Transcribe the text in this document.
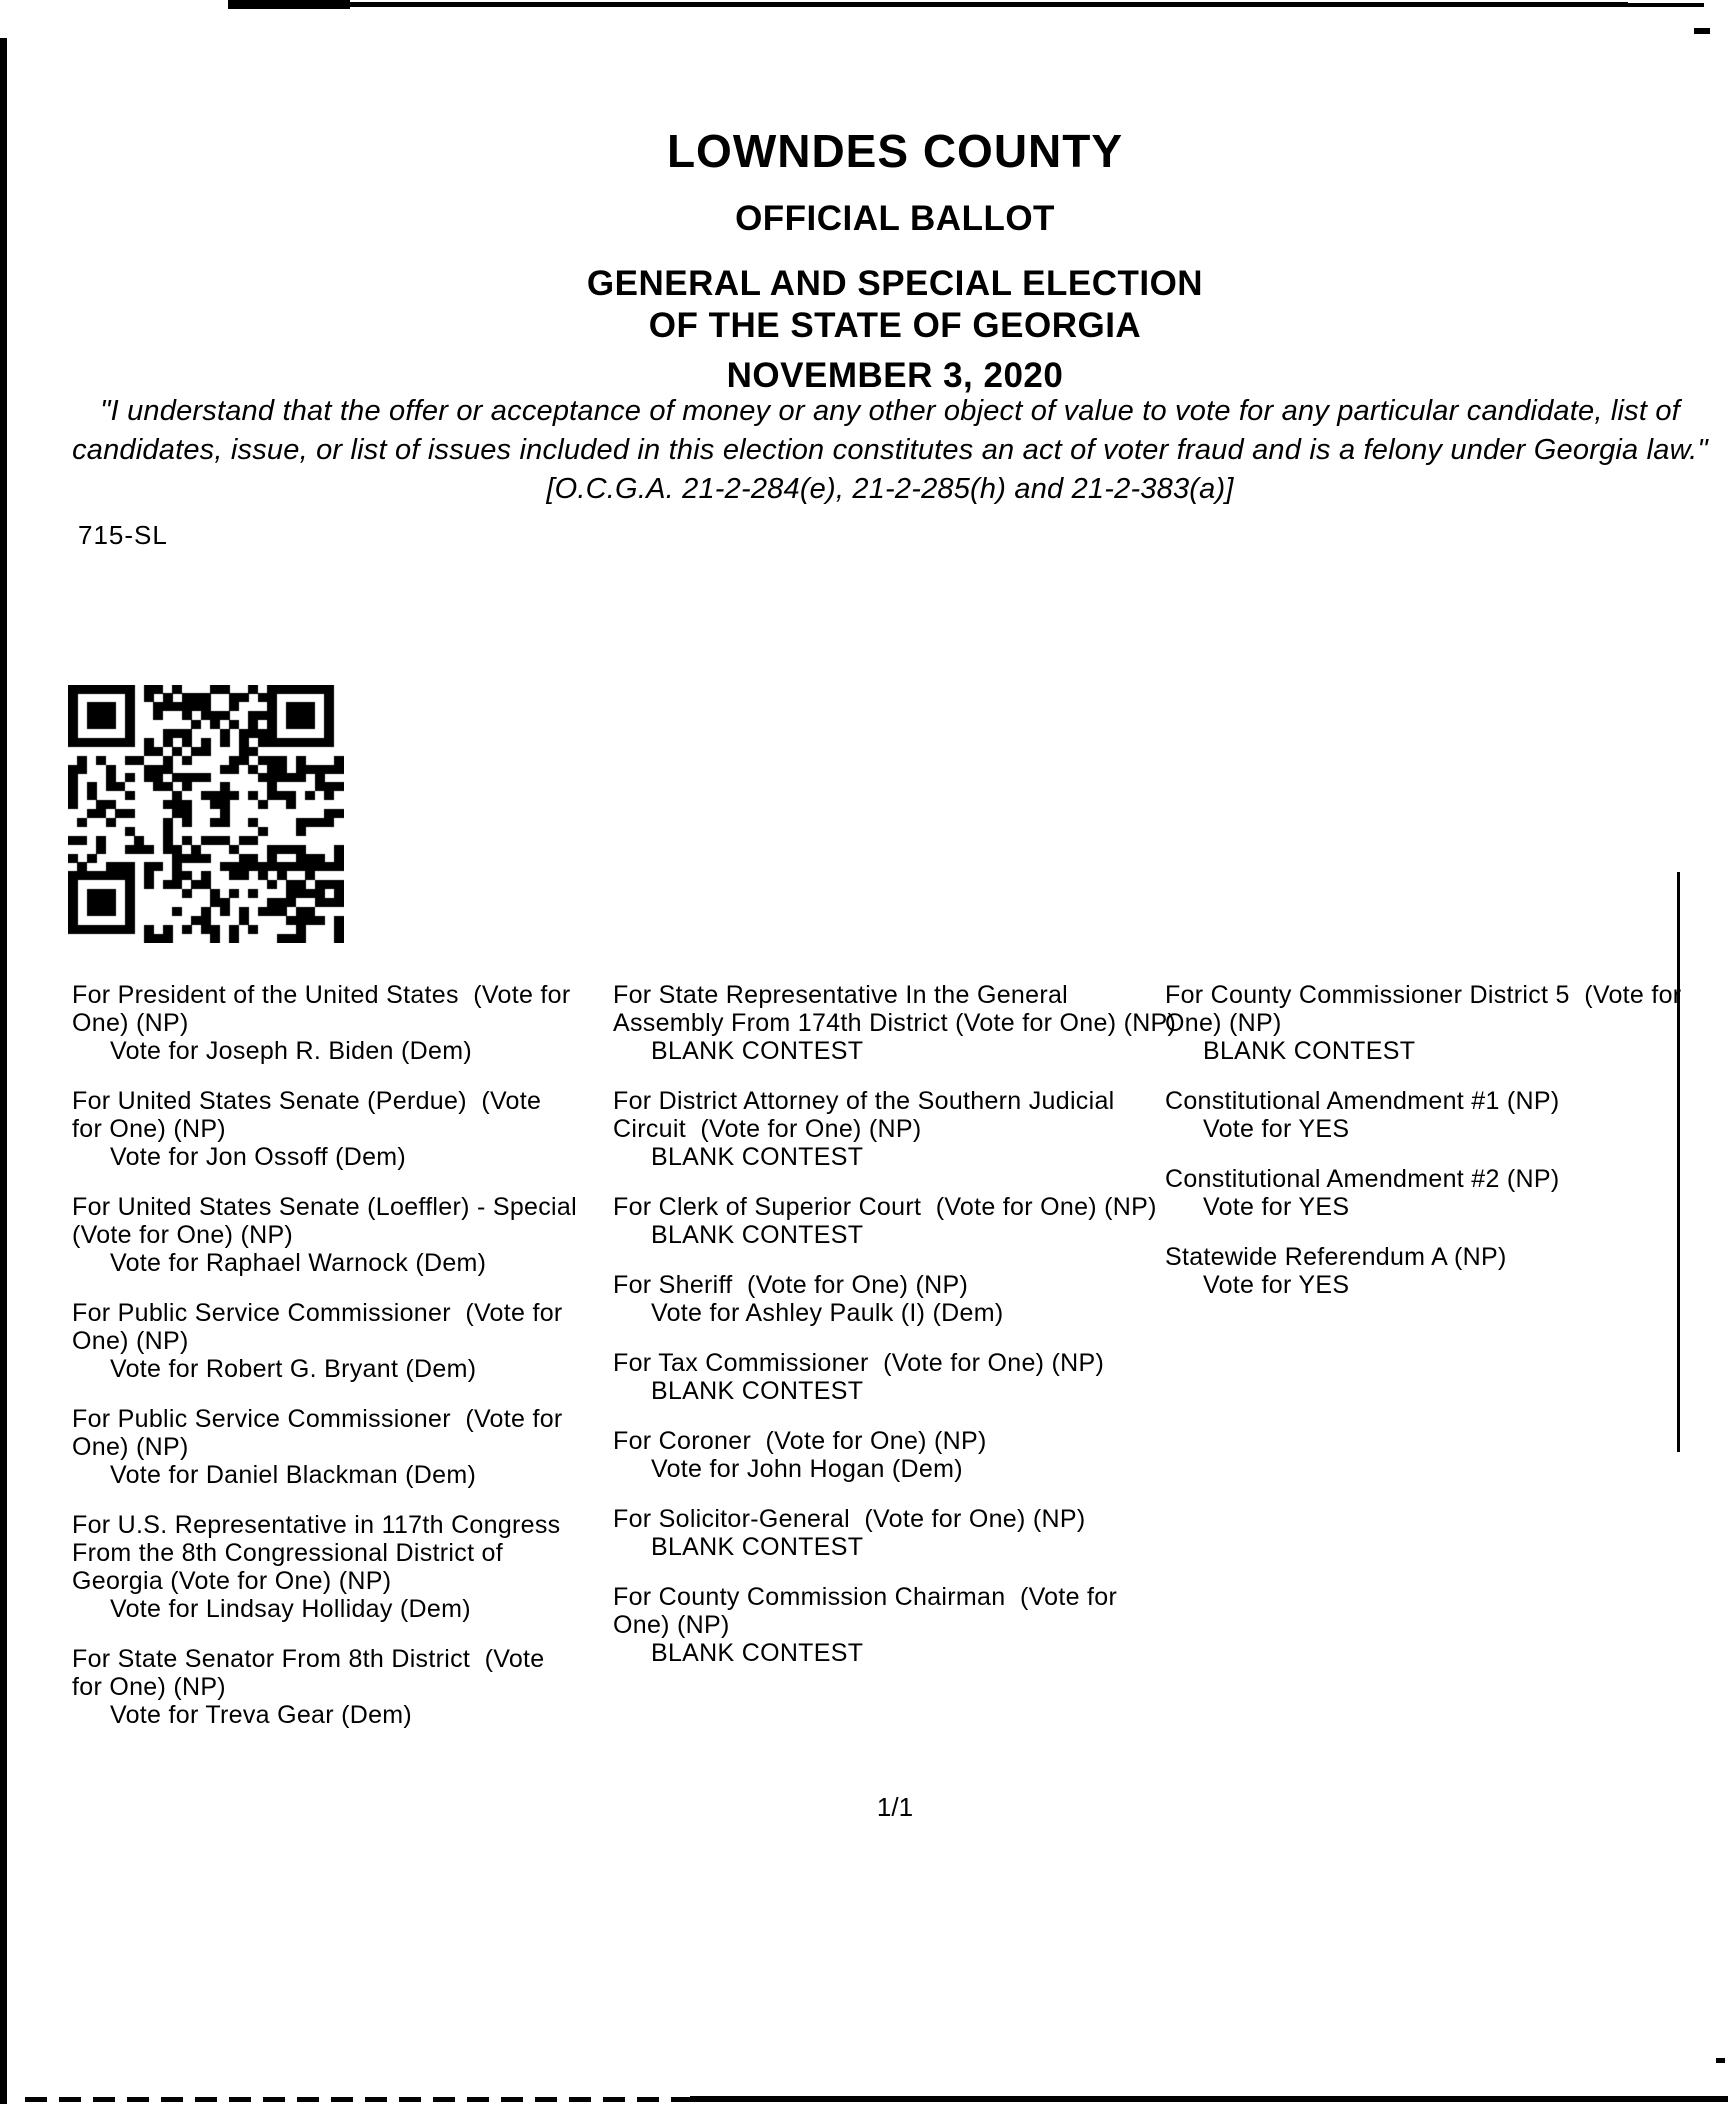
LOWNDES COUNTY
OFFICIAL BALLOT
GENERAL AND SPECIAL ELECTION
OF THE STATE OF GEORGIA
NOVEMBER 3, 2020
"I understand that the offer or acceptance of money or any other object of value to vote for any particular candidate, list of candidates, issue, or list of issues included in this election constitutes an act of voter fraud and is a felony under Georgia law." [O.C.G.A. 21-2-284(e), 21-2-285(h) and 21-2-383(a)]
715-SL
For President of the United States  (Vote for One) (NP)
Vote for Joseph R. Biden (Dem)
For United States Senate (Perdue)  (Vote for One) (NP)
Vote for Jon Ossoff (Dem)
For United States Senate (Loeffler) - Special  (Vote for One) (NP)
Vote for Raphael Warnock (Dem)
For Public Service Commissioner  (Vote for One) (NP)
Vote for Robert G. Bryant (Dem)
For Public Service Commissioner  (Vote for One) (NP)
Vote for Daniel Blackman (Dem)
For U.S. Representative in 117th Congress From the 8th Congressional District of Georgia (Vote for One) (NP)
Vote for Lindsay Holliday (Dem)
For State Senator From 8th District  (Vote for One) (NP)
Vote for Treva Gear (Dem)
For State Representative In the General Assembly From 174th District (Vote for One) (NP)
BLANK CONTEST
For District Attorney of the Southern Judicial Circuit  (Vote for One) (NP)
BLANK CONTEST
For Clerk of Superior Court  (Vote for One) (NP)
BLANK CONTEST
For Sheriff  (Vote for One) (NP)
Vote for Ashley Paulk (I) (Dem)
For Tax Commissioner  (Vote for One) (NP)
BLANK CONTEST
For Coroner  (Vote for One) (NP)
Vote for John Hogan (Dem)
For Solicitor-General  (Vote for One) (NP)
BLANK CONTEST
For County Commission Chairman  (Vote for One) (NP)
BLANK CONTEST
For County Commissioner District 5  (Vote for One) (NP)
BLANK CONTEST
Constitutional Amendment #1 (NP)
Vote for YES
Constitutional Amendment #2 (NP)
Vote for YES
Statewide Referendum A (NP)
Vote for YES
1/1
